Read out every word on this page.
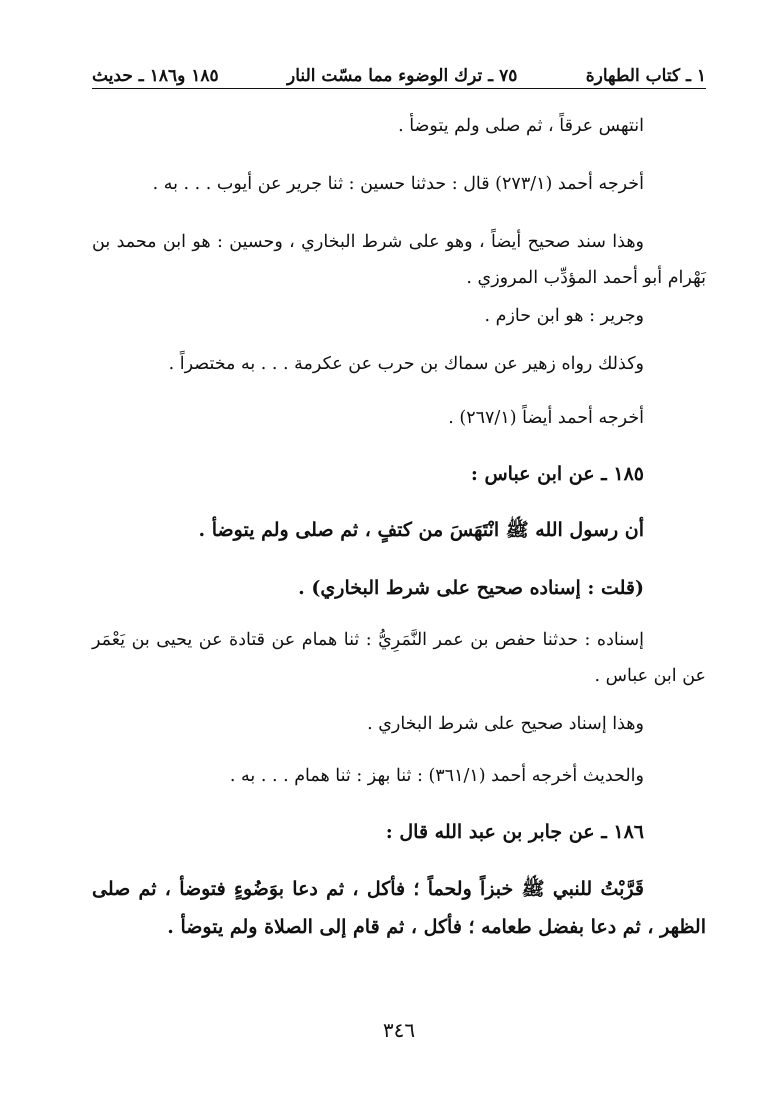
١ ـ كتاب الطهارة
٧٥ ـ ترك الوضوء مما مسّت النار
١٨٥ و١٨٦ ـ حديث

انتهس عرقاً ، ثم صلى ولم يتوضأ .

أخرجه أحمد (٢٧٣/١) قال : حدثنا حسين : ثنا جرير عن أيوب . . . به .

وهذا سند صحيح أيضاً ، وهو على شرط البخاري ، وحسين : هو ابن محمد بن بَهْرام أبو أحمد المؤدِّب المروزي .

وجرير : هو ابن حازم .

وكذلك رواه زهير عن سماك بن حرب عن عكرمة . . . به مختصراً .

أخرجه أحمد أيضاً (٢٦٧/١) .

١٨٥ ـ عن ابن عباس :

أن رسول الله ﷺ انْتَهَسَ من كتفٍ ، ثم صلى ولم يتوضأ .

(قلت : إسناده صحيح على شرط البخاري) .

إسناده : حدثنا حفص بن عمر النَّمَرِيُّ : ثنا همام عن قتادة عن يحيى بن يَعْمَر عن ابن عباس .

وهذا إسناد صحيح على شرط البخاري .

والحديث أخرجه أحمد (٣٦١/١) : ثنا بهز : ثنا همام . . . به .

١٨٦ ـ عن جابر بن عبد الله قال :

قَرَّبْتُ للنبي ﷺ خبزاً ولحماً ؛ فأكل ، ثم دعا بوَضُوءٍ فتوضأ ، ثم صلى الظهر ، ثم دعا بفضل طعامه ؛ فأكل ، ثم قام إلى الصلاة ولم يتوضأ .

٣٤٦
